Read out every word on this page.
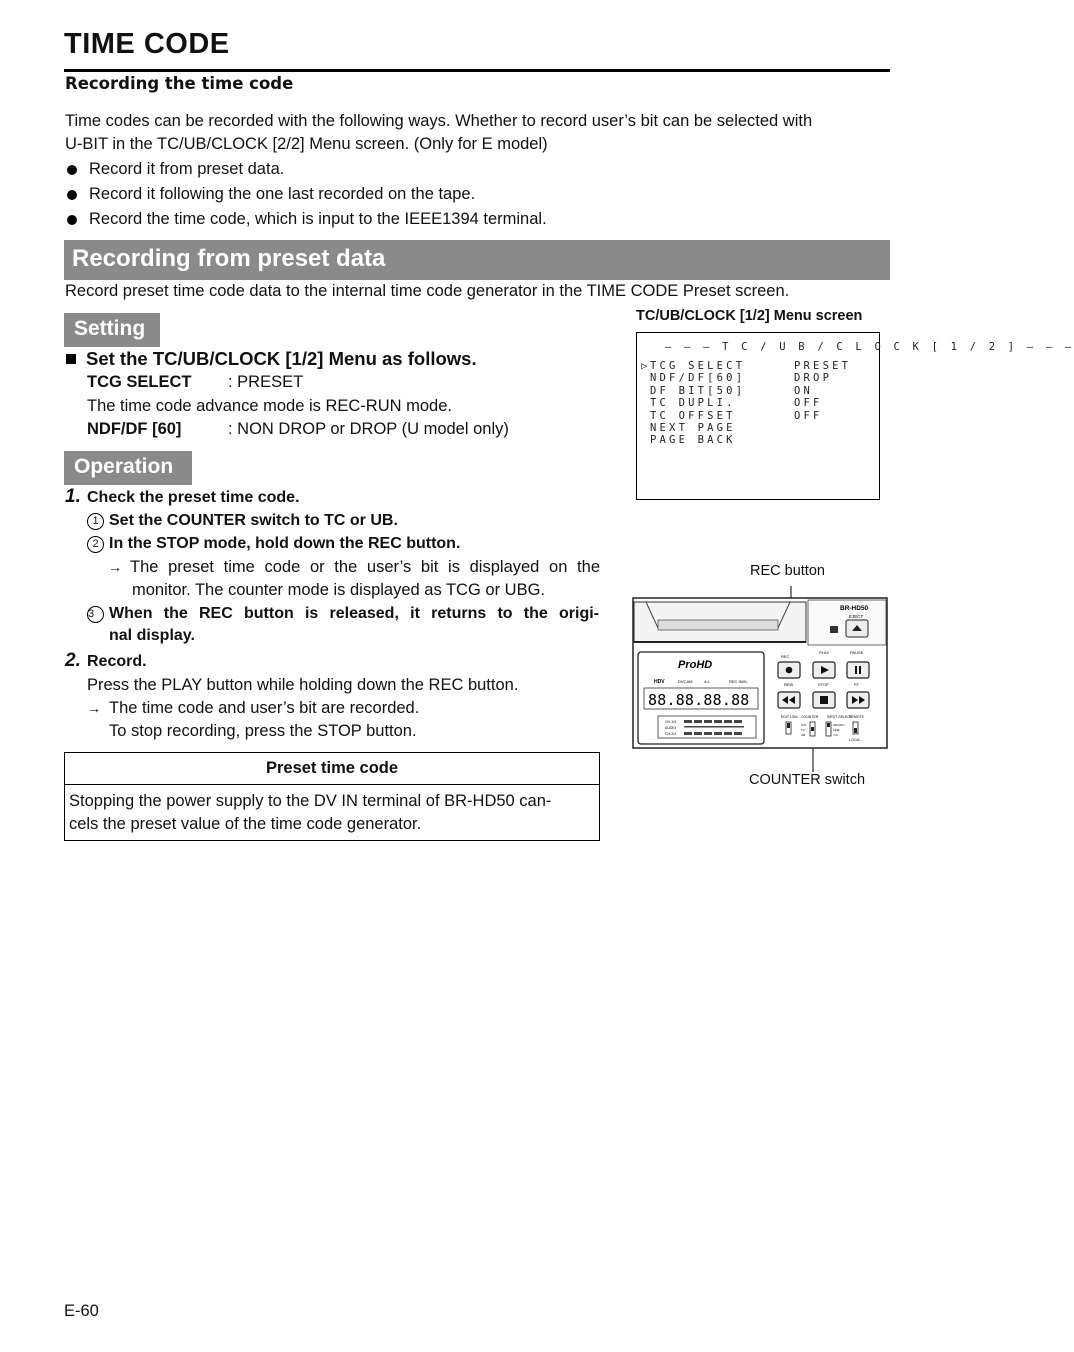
TIME CODE
Recording the time code
Time codes can be recorded with the following ways. Whether to record user’s bit can be selected with
U-BIT in the TC/UB/CLOCK [2/2] Menu screen. (Only for E model)
Record it from preset data.
Record it following the one last recorded on the tape.
Record the time code, which is input to the IEEE1394 terminal.
Recording from preset data
Record preset time code data to the internal time code generator in the TIME CODE Preset screen.
Setting
TC/UB/CLOCK [1/2] Menu screen
– – – T C / U B / C L O C K [ 1 / 2 ] – – –
▷ TCG SELECT	PRESET
NDF/DF[60]	DROP
DF BIT[50]	ON
TC DUPLI.	OFF
TC OFFSET	OFF
NEXT PAGE
PAGE BACK
Set the TC/UB/CLOCK [1/2] Menu as follows.
TCG SELECT : PRESET
The time code advance mode is REC-RUN mode.
NDF/DF [60]	: NON DROP or DROP (U model only)
Operation
1. Check the preset time code.
1 Set the COUNTER switch to TC or UB.
2 In the STOP mode, hold down the REC button.
→ The preset time code or the user’s bit is displayed on the
monitor. The counter mode is displayed as TCG or UBG.
3 When the REC button is released, it returns to the origi-
nal display.
2. Record.
Press the PLAY button while holding down the REC button.
→ The time code and user’s bit are recorded.
To stop recording, press the STOP button.
Preset time code
Stopping the power supply to the DV IN terminal of BR-HD50 can-
cels the preset value of the time code generator.
REC button
COUNTER switch
BR-HD50
EJECT
ProHD
HDV	DVCAM	4:4	REC INHL
88.88.88.88
CH-1/3
AUDIO
CH-2/4
REC
PLAY	PAUSE
REW	STOP	FF
EDIT 1394 COUNTER INPUT SELECT
REMOTE
CTL
TC
UB
HDV/DV
LINE
Y/C
LOCAL
E-60
